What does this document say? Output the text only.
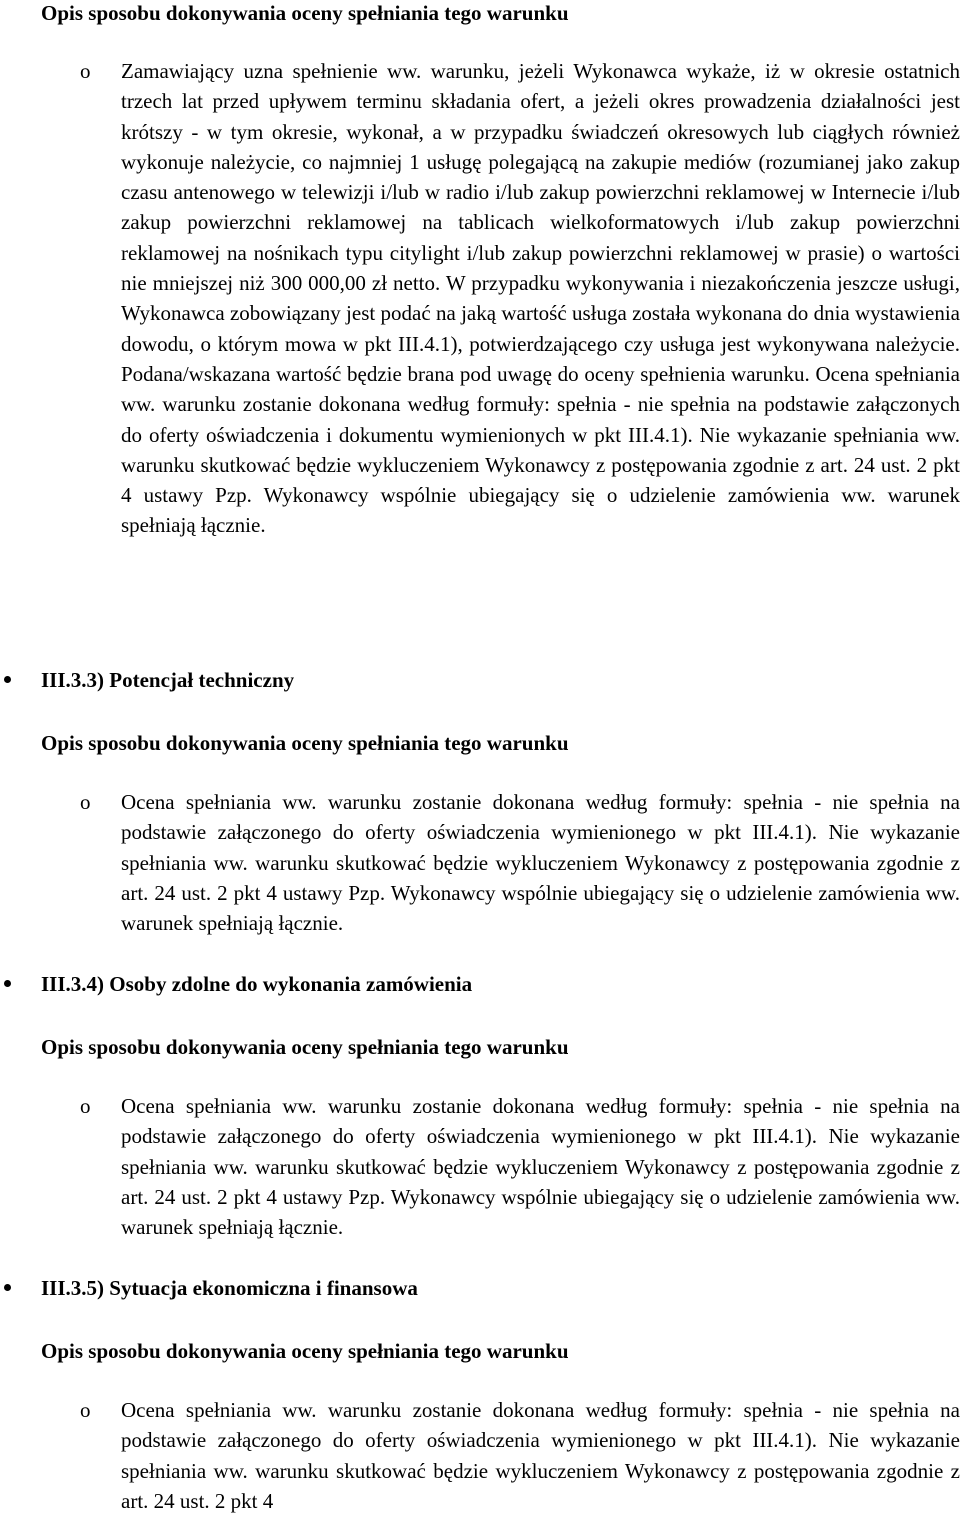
Opis sposobu dokonywania oceny spełniania tego warunku
o Zamawiający uzna spełnienie ww. warunku, jeżeli Wykonawca wykaże, iż w okresie ostatnich trzech lat przed upływem terminu składania ofert, a jeżeli okres prowadzenia działalności jest krótszy - w tym okresie, wykonał, a w przypadku świadczeń okresowych lub ciągłych również wykonuje należycie, co najmniej 1 usługę polegającą na zakupie mediów (rozumianej jako zakup czasu antenowego w telewizji i/lub w radio i/lub zakup powierzchni reklamowej w Internecie i/lub zakup powierzchni reklamowej na tablicach wielkoformatowych i/lub zakup powierzchni reklamowej na nośnikach typu citylight i/lub zakup powierzchni reklamowej w prasie) o wartości nie mniejszej niż 300 000,00 zł netto. W przypadku wykonywania i niezakończenia jeszcze usługi, Wykonawca zobowiązany jest podać na jaką wartość usługa została wykonana do dnia wystawienia dowodu, o którym mowa w pkt III.4.1), potwierdzającego czy usługa jest wykonywana należycie. Podana/wskazana wartość będzie brana pod uwagę do oceny spełnienia warunku. Ocena spełniania ww. warunku zostanie dokonana według formuły: spełnia - nie spełnia na podstawie załączonych do oferty oświadczenia i dokumentu wymienionych w pkt III.4.1). Nie wykazanie spełniania ww. warunku skutkować będzie wykluczeniem Wykonawcy z postępowania zgodnie z art. 24 ust. 2 pkt 4 ustawy Pzp. Wykonawcy wspólnie ubiegający się o udzielenie zamówienia ww. warunek spełniają łącznie.
III.3.3) Potencjał techniczny
Opis sposobu dokonywania oceny spełniania tego warunku
o Ocena spełniania ww. warunku zostanie dokonana według formuły: spełnia - nie spełnia na podstawie załączonego do oferty oświadczenia wymienionego w pkt III.4.1). Nie wykazanie spełniania ww. warunku skutkować będzie wykluczeniem Wykonawcy z postępowania zgodnie z art. 24 ust. 2 pkt 4 ustawy Pzp. Wykonawcy wspólnie ubiegający się o udzielenie zamówienia ww. warunek spełniają łącznie.
III.3.4) Osoby zdolne do wykonania zamówienia
Opis sposobu dokonywania oceny spełniania tego warunku
o Ocena spełniania ww. warunku zostanie dokonana według formuły: spełnia - nie spełnia na podstawie załączonego do oferty oświadczenia wymienionego w pkt III.4.1). Nie wykazanie spełniania ww. warunku skutkować będzie wykluczeniem Wykonawcy z postępowania zgodnie z art. 24 ust. 2 pkt 4 ustawy Pzp. Wykonawcy wspólnie ubiegający się o udzielenie zamówienia ww. warunek spełniają łącznie.
III.3.5) Sytuacja ekonomiczna i finansowa
Opis sposobu dokonywania oceny spełniania tego warunku
o Ocena spełniania ww. warunku zostanie dokonana według formuły: spełnia - nie spełnia na podstawie załączonego do oferty oświadczenia wymienionego w pkt III.4.1). Nie wykazanie spełniania ww. warunku skutkować będzie wykluczeniem Wykonawcy z postępowania zgodnie z art. 24 ust. 2 pkt 4
